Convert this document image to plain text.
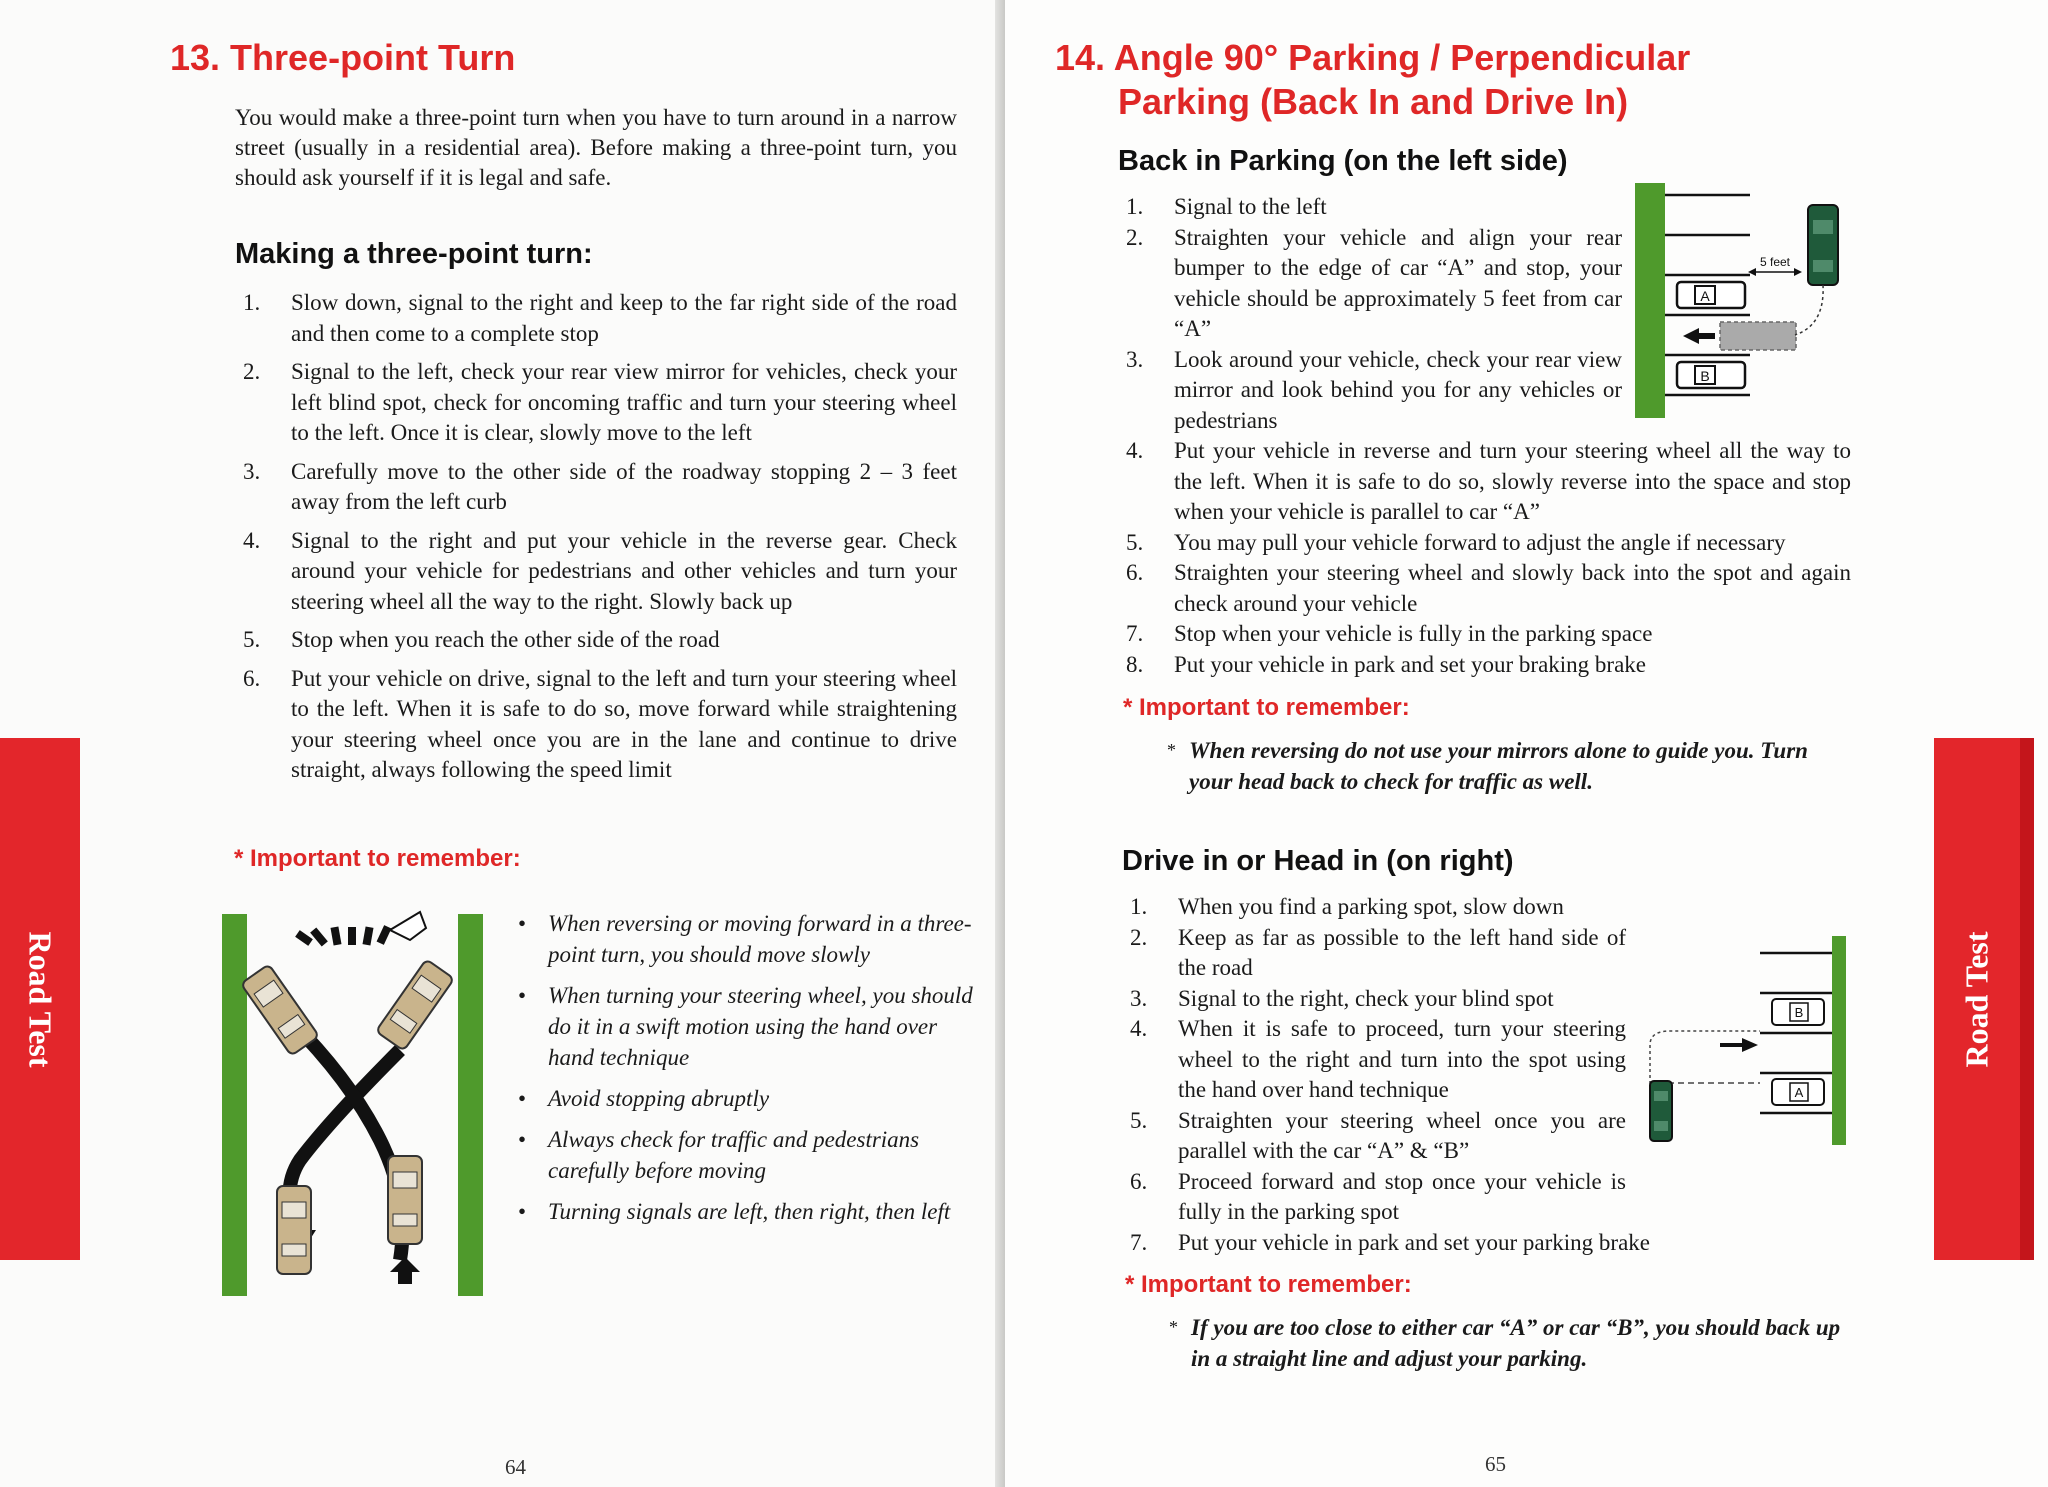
13. Three-point Turn

You would make a three-point turn when you have to turn around in a narrow street (usually in a residential area). Before making a three-point turn, you should ask yourself if it is legal and safe.

Making a three-point turn:
1. Slow down, signal to the right and keep to the far right side of the road and then come to a complete stop
2. Signal to the left, check your rear view mirror for vehicles, check your left blind spot, check for oncoming traffic and turn your steering wheel to the left. Once it is clear, slowly move to the left
3. Carefully move to the other side of the roadway stopping 2 – 3 feet away from the left curb
4. Signal to the right and put your vehicle in the reverse gear. Check around your vehicle for pedestrians and other vehicles and turn your steering wheel all the way to the right. Slowly back up
5. Stop when you reach the other side of the road
6. Put your vehicle on drive, signal to the left and turn your steering wheel to the left. When it is safe to do so, move forward while straightening your steering wheel once you are in the lane and continue to drive straight, always following the speed limit

* Important to remember:

• When reversing or moving forward in a three-point turn, you should move slowly
• When turning your steering wheel, you should do it in a swift motion using the hand over hand technique
• Avoid stopping abruptly
• Always check for traffic and pedestrians carefully before moving
• Turning signals are left, then right, then left
Road Test
64
14. Angle 90° Parking / Perpendicular
Parking (Back In and Drive In)
Back in Parking (on the left side)
1. Signal to the left
2. Straighten your vehicle and align your rear bumper to the edge of car “A” and stop, your vehicle should be approximately 5 feet from car “A”
3. Look around your vehicle, check your rear view mirror and look behind you for any vehicles or pedestrians
4. Put your vehicle in reverse and turn your steering wheel all the way to the left. When it is safe to do so, slowly reverse into the space and stop when your vehicle is parallel to car “A”
5. You may pull your vehicle forward to adjust the angle if necessary
6. Straighten your steering wheel and slowly back into the spot and again check around your vehicle
7. Stop when your vehicle is fully in the parking space
8. Put your vehicle in park and set your braking brake
A
B
5 feet

* Important to remember:

* When reversing do not use your mirrors alone to guide you. Turn your head back to check for traffic as well.

Drive in or Head in (on right)
1. When you find a parking spot, slow down
2. Keep as far as possible to the left hand side of the road
3. Signal to the right, check your blind spot
4. When it is safe to proceed, turn your steering wheel to the right and turn into the spot using the hand over hand technique
5. Straighten your steering wheel once you are parallel with the car “A” & “B”
6. Proceed forward and stop once your vehicle is fully in the parking spot
7. Put your vehicle in park and set your parking brake
B
A

* Important to remember:

* If you are too close to either car “A” or car “B”, you should back up in a straight line and adjust your parking.

Road Test
65
